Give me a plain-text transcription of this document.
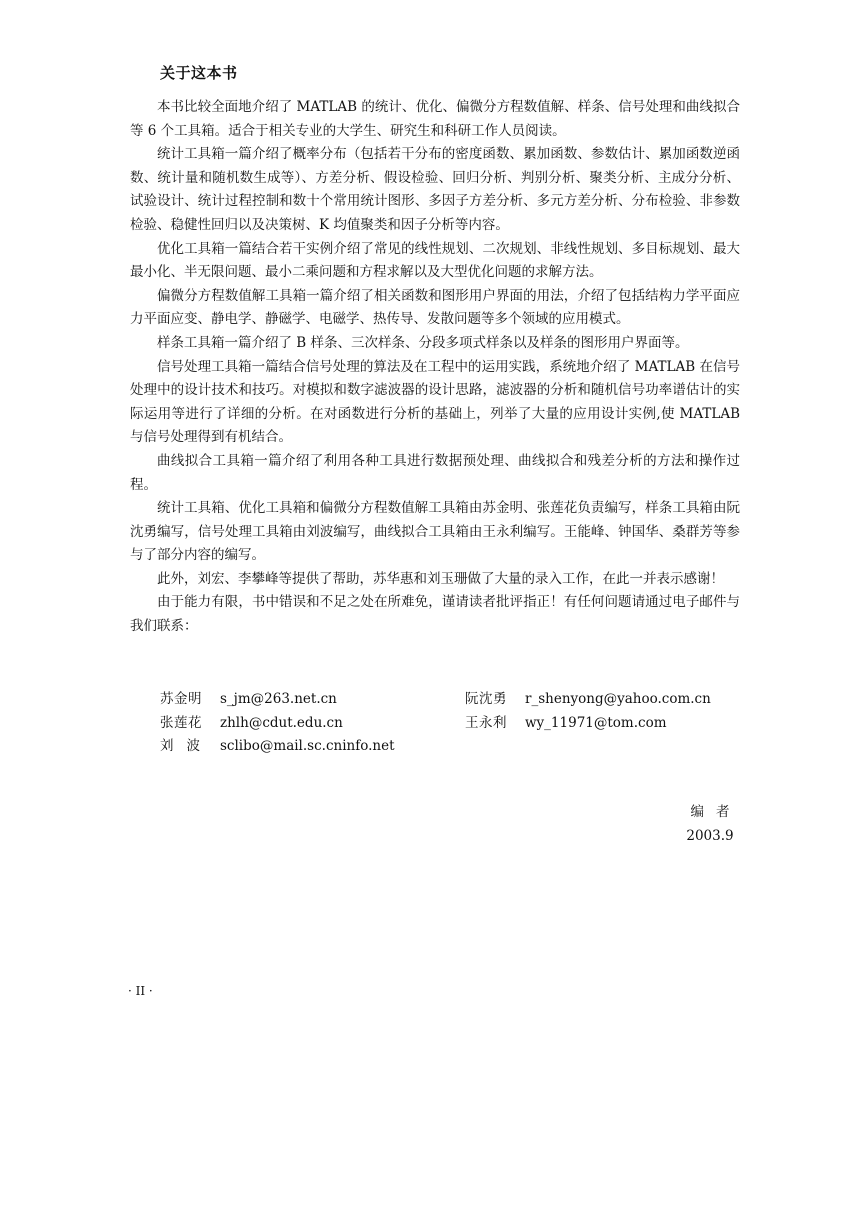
关于这本书

本书比较全面地介绍了 MATLAB 的统计、优化、偏微分方程数值解、样条、信号处理和曲线拟合等 6 个工具箱。适合于相关专业的大学生、研究生和科研工作人员阅读。

统计工具箱一篇介绍了概率分布（包括若干分布的密度函数、累加函数、参数估计、累加函数逆函数、统计量和随机数生成等）、方差分析、假设检验、回归分析、判别分析、聚类分析、主成分分析、试验设计、统计过程控制和数十个常用统计图形、多因子方差分析、多元方差分析、分布检验、非参数检验、稳健性回归以及决策树、K 均值聚类和因子分析等内容。

优化工具箱一篇结合若干实例介绍了常见的线性规划、二次规划、非线性规划、多目标规划、最大最小化、半无限问题、最小二乘问题和方程求解以及大型优化问题的求解方法。

偏微分方程数值解工具箱一篇介绍了相关函数和图形用户界面的用法，介绍了包括结构力学平面应力平面应变、静电学、静磁学、电磁学、热传导、发散问题等多个领域的应用模式。

样条工具箱一篇介绍了 B 样条、三次样条、分段多项式样条以及样条的图形用户界面等。

信号处理工具箱一篇结合信号处理的算法及在工程中的运用实践，系统地介绍了 MATLAB 在信号处理中的设计技术和技巧。对模拟和数字滤波器的设计思路，滤波器的分析和随机信号功率谱估计的实际运用等进行了详细的分析。在对函数进行分析的基础上，列举了大量的应用设计实例,使 MATLAB 与信号处理得到有机结合。

曲线拟合工具箱一篇介绍了利用各种工具进行数据预处理、曲线拟合和残差分析的方法和操作过程。

统计工具箱、优化工具箱和偏微分方程数值解工具箱由苏金明、张莲花负责编写，样条工具箱由阮沈勇编写，信号处理工具箱由刘波编写，曲线拟合工具箱由王永利编写。王能峰、钟国华、桑群芳等参与了部分内容的编写。

此外，刘宏、李攀峰等提供了帮助，苏华惠和刘玉珊做了大量的录入工作，在此一并表示感谢！

由于能力有限，书中错误和不足之处在所难免，谨请读者批评指正！有任何问题请通过电子邮件与我们联系：

苏金明	s_jm@263.net.cn	阮沈勇	r_shenyong@yahoo.com.cn
张莲花	zhlh@cdut.edu.cn	王永利	wy_11971@tom.com
刘波 sclibo@mail.sc.cninfo.net
编者
2003.9
· II ·
